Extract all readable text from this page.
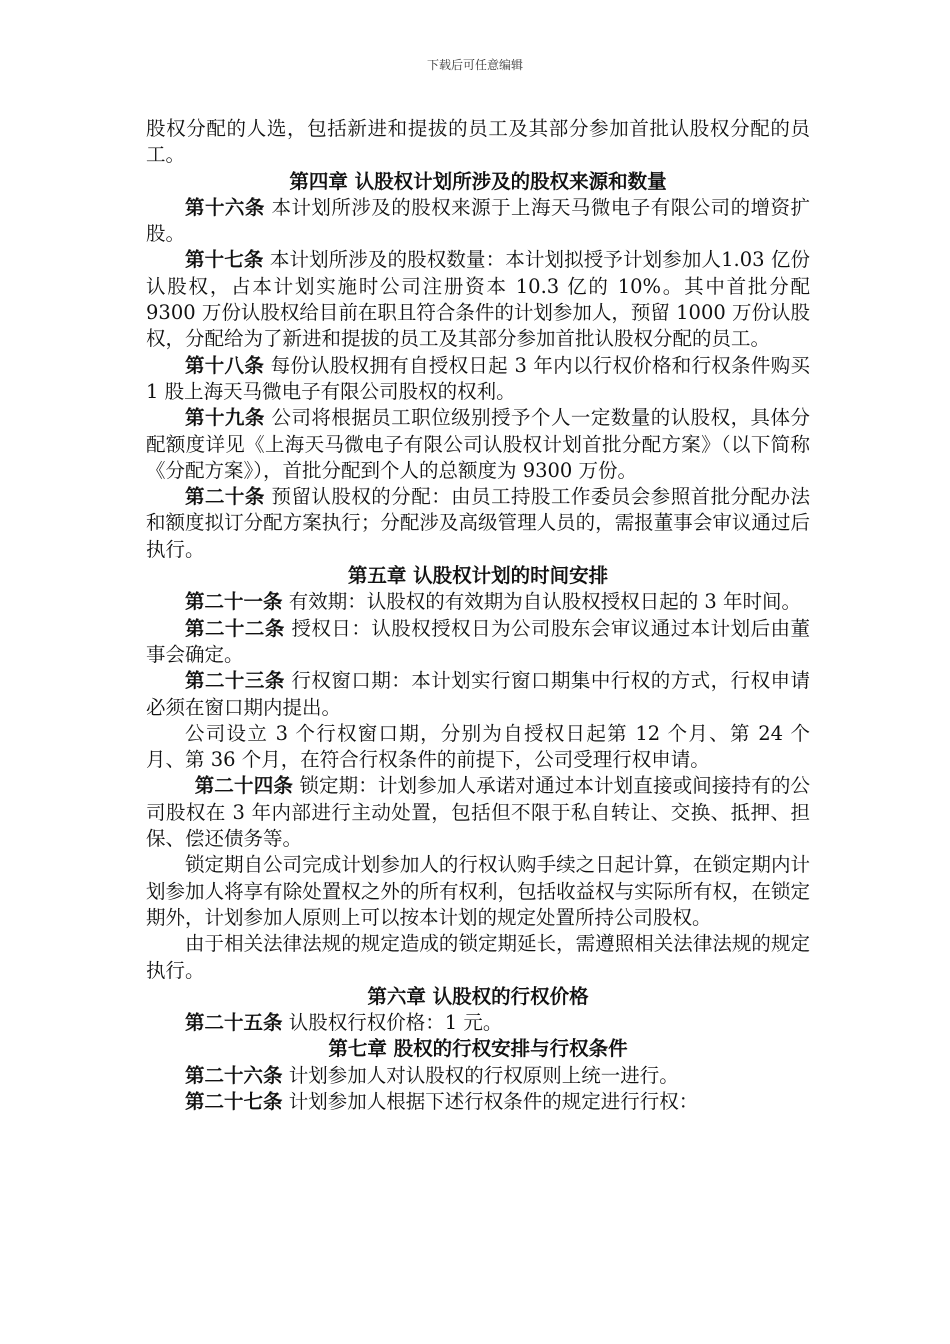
下载后可任意编辑

股权分配的人选，包括新进和提拔的员工及其部分参加首批认股权分配的员工。

第四章 认股权计划所涉及的股权来源和数量

第十六条 本计划所涉及的股权来源于上海天马微电子有限公司的增资扩股。

第十七条 本计划所涉及的股权数量：本计划拟授予计划参加人1.03 亿份认股权，占本计划实施时公司注册资本 10.3 亿的 10%。其中首批分配 9300 万份认股权给目前在职且符合条件的计划参加人，预留 1000 万份认股权，分配给为了新进和提拔的员工及其部分参加首批认股权分配的员工。

第十八条 每份认股权拥有自授权日起 3 年内以行权价格和行权条件购买 1 股上海天马微电子有限公司股权的权利。

第十九条 公司将根据员工职位级别授予个人一定数量的认股权，具体分配额度详见《上海天马微电子有限公司认股权计划首批分配方案》（以下简称《分配方案》），首批分配到个人的总额度为 9300 万份。

第二十条 预留认股权的分配：由员工持股工作委员会参照首批分配办法和额度拟订分配方案执行；分配涉及高级管理人员的，需报董事会审议通过后执行。

第五章 认股权计划的时间安排

第二十一条 有效期：认股权的有效期为自认股权授权日起的 3 年时间。

第二十二条 授权日：认股权授权日为公司股东会审议通过本计划后由董事会确定。

第二十三条 行权窗口期：本计划实行窗口期集中行权的方式，行权申请必须在窗口期内提出。

公司设立 3 个行权窗口期，分别为自授权日起第 12 个月、第 24 个月、第 36 个月，在符合行权条件的前提下，公司受理行权申请。

第二十四条 锁定期：计划参加人承诺对通过本计划直接或间接持有的公司股权在 3 年内部进行主动处置，包括但不限于私自转让、交换、抵押、担保、偿还债务等。

锁定期自公司完成计划参加人的行权认购手续之日起计算，在锁定期内计划参加人将享有除处置权之外的所有权利，包括收益权与实际所有权，在锁定期外，计划参加人原则上可以按本计划的规定处置所持公司股权。

由于相关法律法规的规定造成的锁定期延长，需遵照相关法律法规的规定执行。

第六章 认股权的行权价格

第二十五条 认股权行权价格：1 元。

第七章 股权的行权安排与行权条件

第二十六条 计划参加人对认股权的行权原则上统一进行。

第二十七条 计划参加人根据下述行权条件的规定进行行权：
